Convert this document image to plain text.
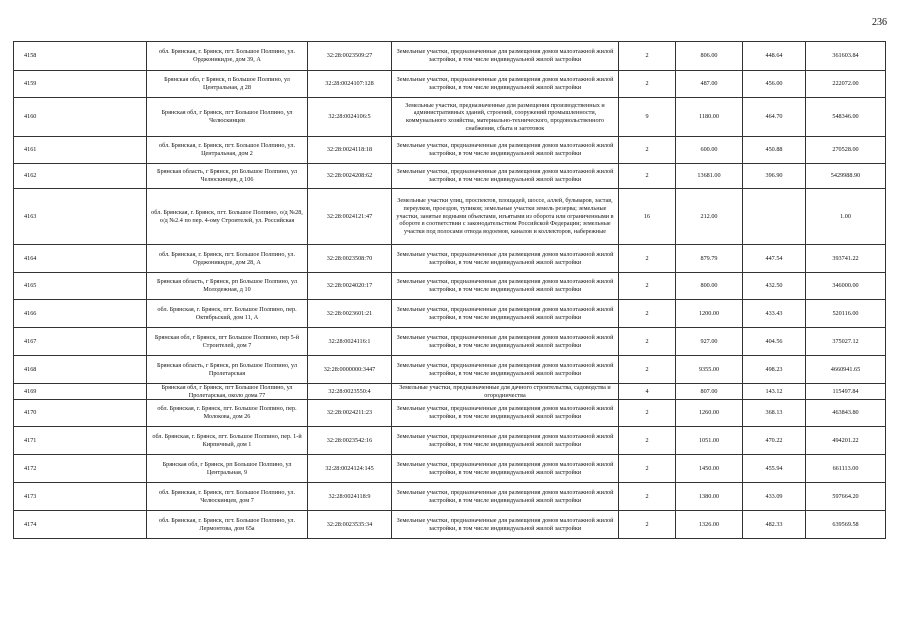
236
4158	обл. Брянская, г. Брянск, пгт. Большое Полпино, ул. Орджоникидзе, дом 39, А	32:28:0023509:27	Земельные участки, предназначенные для размещения домов малоэтажной жилой застройки, в том числе индивидуальной жилой застройки	2	806.00	448.64	361603.84

4159	Брянская обл, г Брянск, п Большое Полпино, ул Центральная, д 28	32:28:0024107:128	Земельные участки, предназначенные для размещения домов малоэтажной жилой застройки, в том числе индивидуальной жилой застройки	2	487.00	456.00	222072.00

4160	Брянская обл, г Брянск, пгт Большое Полпино, ул Челюскинцев	32:28:0024106:5	Земельные участки, предназначенные для размещения производственных и административных зданий, строений, сооружений промышленности, коммунального хозяйства, материально-технического, продовольственного снабжения, сбыта и заготовок	9	1180.00	464.70	548346.00

4161	обл. Брянская, г. Брянск, пгт. Большое Полпино, ул. Центральная, дом 2	32:28:0024118:18	Земельные участки, предназначенные для размещения домов малоэтажной жилой застройки, в том числе индивидуальной жилой застройки	2	600.00	450.88	270528.00

4162	Брянская область, г Брянск, рп Большое Полпино, ул Челюскинцев, д 106	32:28:0024208:62	Земельные участки, предназначенные для размещения домов малоэтажной жилой застройки, в том числе индивидуальной жилой застройки	2	13681.00	396.90	5429988.90

4163	обл. Брянская, г. Брянск, пгт. Большое Полпино, о/д №28, о/д №2.4 по пер. 4-ому Строителей, ул. Российская	32:28:0024121:47	Земельные участки улиц, проспектов, площадей, шоссе, аллей, бульваров, застав, переулков, проездов, тупиков; земельные участки земель резерва; земельные участки, занятые водными объектами, изъятыми из оборота или ограниченными в обороте в соответствии с законодательством Российской Федерации; земельные участки под полосами отвода водоемов, каналов и коллекторов, набережные	16	212.00		1.00

4164	обл. Брянская, г. Брянск, пгт. Большое Полпино, ул. Орджоникидзе, дом 28, А	32:28:0023508:70	Земельные участки, предназначенные для размещения домов малоэтажной жилой застройки, в том числе индивидуальной жилой застройки	2	879.79	447.54	393741.22

4165	Брянская область, г Брянск, рп Большое Полпино, ул Молодежная, д 10	32:28:0024020:17	Земельные участки, предназначенные для размещения домов малоэтажной жилой застройки, в том числе индивидуальной жилой застройки	2	800.00	432.50	346000.00

4166	обл. Брянская, г. Брянск, пгт. Большое Полпино, пер. Октябрьский, дом 11, А	32:28:0023601:21	Земельные участки, предназначенные для размещения домов малоэтажной жилой застройки, в том числе индивидуальной жилой застройки	2	1200.00	433.43	520116.00

4167	Брянская обл, г Брянск, пгт Большое Полпино, пер 5-й Строителей, дом 7	32:28:0024116:1	Земельные участки, предназначенные для размещения домов малоэтажной жилой застройки, в том числе индивидуальной жилой застройки	2	927.00	404.56	375027.12

4168	Брянская область, г Брянск, рп Большое Полпино, ул Пролетарская	32:28:0000000:3447	Земельные участки, предназначенные для размещения домов малоэтажной жилой застройки, в том числе индивидуальной жилой застройки	2	9355.00	498.23	4660941.65

4169	Брянская обл, г Брянск, пгт Большое Полпино, ул Пролетарская, около дома 77	32:28:0023550:4	Земельные участки, предназначенные для дачного строительства, садоводства и огородничества	4	807.00	143.12	115497.84

4170	обл. Брянская, г. Брянск, пгт. Большое Полпино, пер. Молокова, дом 26	32:28:0024211:23	Земельные участки, предназначенные для размещения домов малоэтажной жилой застройки, в том числе индивидуальной жилой застройки	2	1260.00	368.13	463843.80

4171	обл. Брянская, г. Брянск, пгт. Большое Полпино, пер. 1-й Кирпичный, дом 1	32:28:0023542:16	Земельные участки, предназначенные для размещения домов малоэтажной жилой застройки, в том числе индивидуальной жилой застройки	2	1051.00	470.22	494201.22

4172	Брянская обл, г Брянск, рп Большое Полпино, ул Центральная, 9	32:28:0024124:145	Земельные участки, предназначенные для размещения домов малоэтажной жилой застройки, в том числе индивидуальной жилой застройки	2	1450.00	455.94	661113.00

4173	обл. Брянская, г. Брянск, пгт. Большое Полпино, ул. Челюскинцев, дом 7	32:28:0024118:9	Земельные участки, предназначенные для размещения домов малоэтажной жилой застройки, в том числе индивидуальной жилой застройки	2	1380.00	433.09	597664.20

4174	обл. Брянская, г. Брянск, пгт. Большое Полпино, ул. Лермонтова, дом 65а	32:28:0023535:34	Земельные участки, предназначенные для размещения домов малоэтажной жилой застройки, в том числе индивидуальной жилой застройки	2	1326.00	482.33	639569.58
